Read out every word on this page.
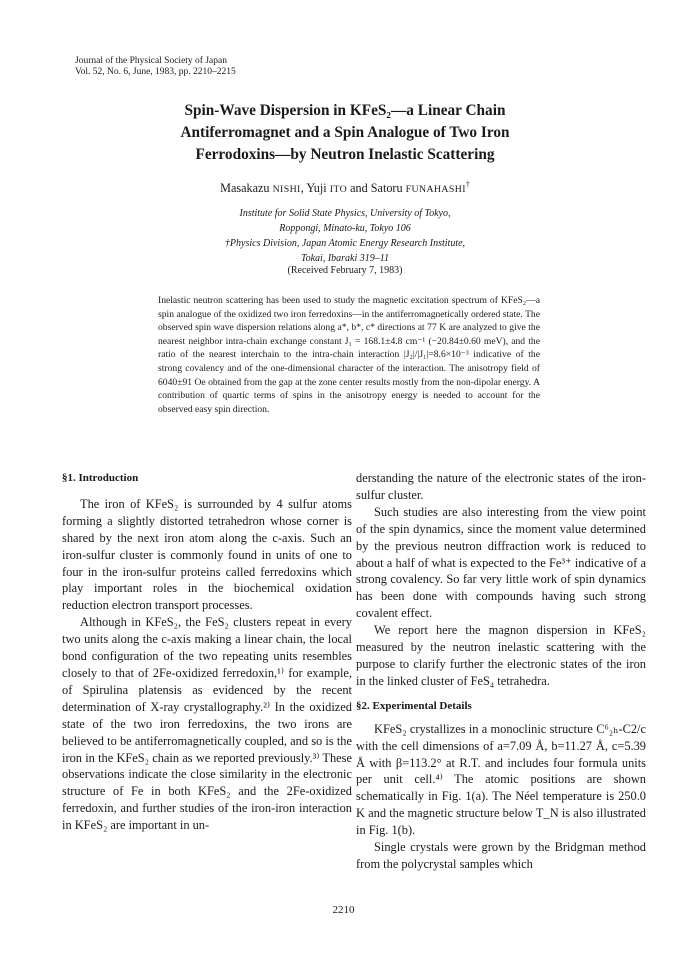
Journal of the Physical Society of Japan
Vol. 52, No. 6, June, 1983, pp. 2210–2215
Spin-Wave Dispersion in KFeS₂—a Linear Chain
Antiferromagnet and a Spin Analogue of Two Iron
Ferrodoxins—by Neutron Inelastic Scattering
Masakazu NISHI, Yuji ITO and Satoru FUNAHASHI†
Institute for Solid State Physics, University of Tokyo,
Roppongi, Minato-ku, Tokyo 106
†Physics Division, Japan Atomic Energy Research Institute,
Tokai, Ibaraki 319–11
(Received February 7, 1983)
Inelastic neutron scattering has been used to study the magnetic excitation spectrum of KFeS₂—a spin analogue of the oxidized two iron ferredoxins—in the antiferromagnetically ordered state. The observed spin wave dispersion relations along a*, b*, c* directions at 77 K are analyzed to give the nearest neighbor intra-chain exchange constant J₁ = 168.1±4.8 cm⁻¹ (−20.84±0.60 meV), and the ratio of the nearest interchain to the intra-chain interaction |J₂|/|J₁|=8.6×10⁻³ indicative of the strong covalency and of the one-dimensional character of the interaction. The anisotropy field of 6040±91 Oe obtained from the gap at the zone center results mostly from the non-dipolar energy. A contribution of quartic terms of spins in the anisotropy energy is needed to account for the observed easy spin direction.

§1. Introduction

The iron of KFeS₂ is surrounded by 4 sulfur atoms forming a slightly distorted tetrahedron whose corner is shared by the next iron atom along the c-axis. Such an iron-sulfur cluster is commonly found in units of one to four in the iron-sulfur proteins called ferredoxins which play important roles in the biochemical oxidation reduction electron transport processes.

Although in KFeS₂, the FeS₂ clusters repeat in every two units along the c-axis making a linear chain, the local bond configuration of the two repeating units resembles closely to that of 2Fe-oxidized ferredoxin,¹⁾ for example, of Spirulina platensis as evidenced by the recent determination of X-ray crystallography.²⁾ In the oxidized state of the two iron ferredoxins, the two irons are believed to be antiferromagnetically coupled, and so is the iron in the KFeS₂ chain as we reported previously.³⁾ These observations indicate the close similarity in the electronic structure of Fe in both KFeS₂ and the 2Fe-oxidized ferredoxin, and further studies of the iron-iron interaction in KFeS₂ are important in un-

derstanding the nature of the electronic states of the iron-sulfur cluster.

Such studies are also interesting from the view point of the spin dynamics, since the moment value determined by the previous neutron diffraction work is reduced to about a half of what is expected to the Fe³⁺ indicative of a strong covalency. So far very little work of spin dynamics has been done with compounds having such strong covalent effect.

We report here the magnon dispersion in KFeS₂ measured by the neutron inelastic scattering with the purpose to clarify further the electronic states of the iron in the linked cluster of FeS₄ tetrahedra.

§2. Experimental Details

KFeS₂ crystallizes in a monoclinic structure C⁶₂ₕ-C2/c with the cell dimensions of a=7.09 Å, b=11.27 Å, c=5.39 Å with β=113.2° at R.T. and includes four formula units per unit cell.⁴⁾ The atomic positions are shown schematically in Fig. 1(a). The Néel temperature is 250.0 K and the magnetic structure below T_N is also illustrated in Fig. 1(b).

Single crystals were grown by the Bridgman method from the polycrystal samples which

2210
